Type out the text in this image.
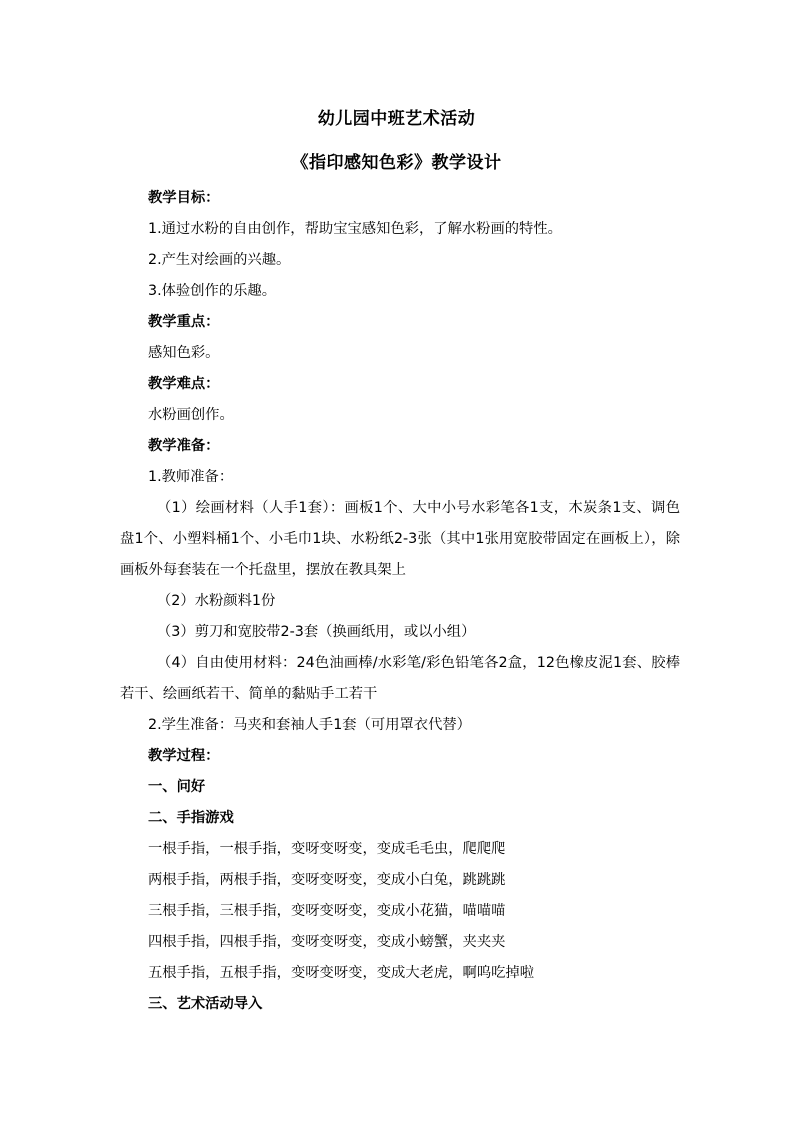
幼儿园中班艺术活动
《指印感知色彩》教学设计
教学目标：
1.通过水粉的自由创作，帮助宝宝感知色彩，了解水粉画的特性。
2.产生对绘画的兴趣。
3.体验创作的乐趣。
教学重点：
感知色彩。
教学难点：
水粉画创作。
教学准备：
1.教师准备：

（1）绘画材料（人手1套）：画板1个、大中小号水彩笔各1支，木炭条1支、调色盘1个、小塑料桶1个、小毛巾1块、水粉纸2-3张（其中1张用宽胶带固定在画板上），除画板外每套装在一个托盘里，摆放在教具架上

（2）水粉颜料1份
（3）剪刀和宽胶带2-3套（换画纸用，或以小组）

（4）自由使用材料：24色油画棒/水彩笔/彩色铅笔各2盒，12色橡皮泥1套、胶棒若干、绘画纸若干、简单的黏贴手工若干

2.学生准备：马夹和套袖人手1套（可用罩衣代替）
教学过程：
一、问好
二、手指游戏
一根手指，一根手指，变呀变呀变，变成毛毛虫，爬爬爬
两根手指，两根手指，变呀变呀变，变成小白兔，跳跳跳
三根手指，三根手指，变呀变呀变，变成小花猫，喵喵喵
四根手指，四根手指，变呀变呀变，变成小螃蟹，夹夹夹
五根手指，五根手指，变呀变呀变，变成大老虎，啊呜吃掉啦
三、艺术活动导入
